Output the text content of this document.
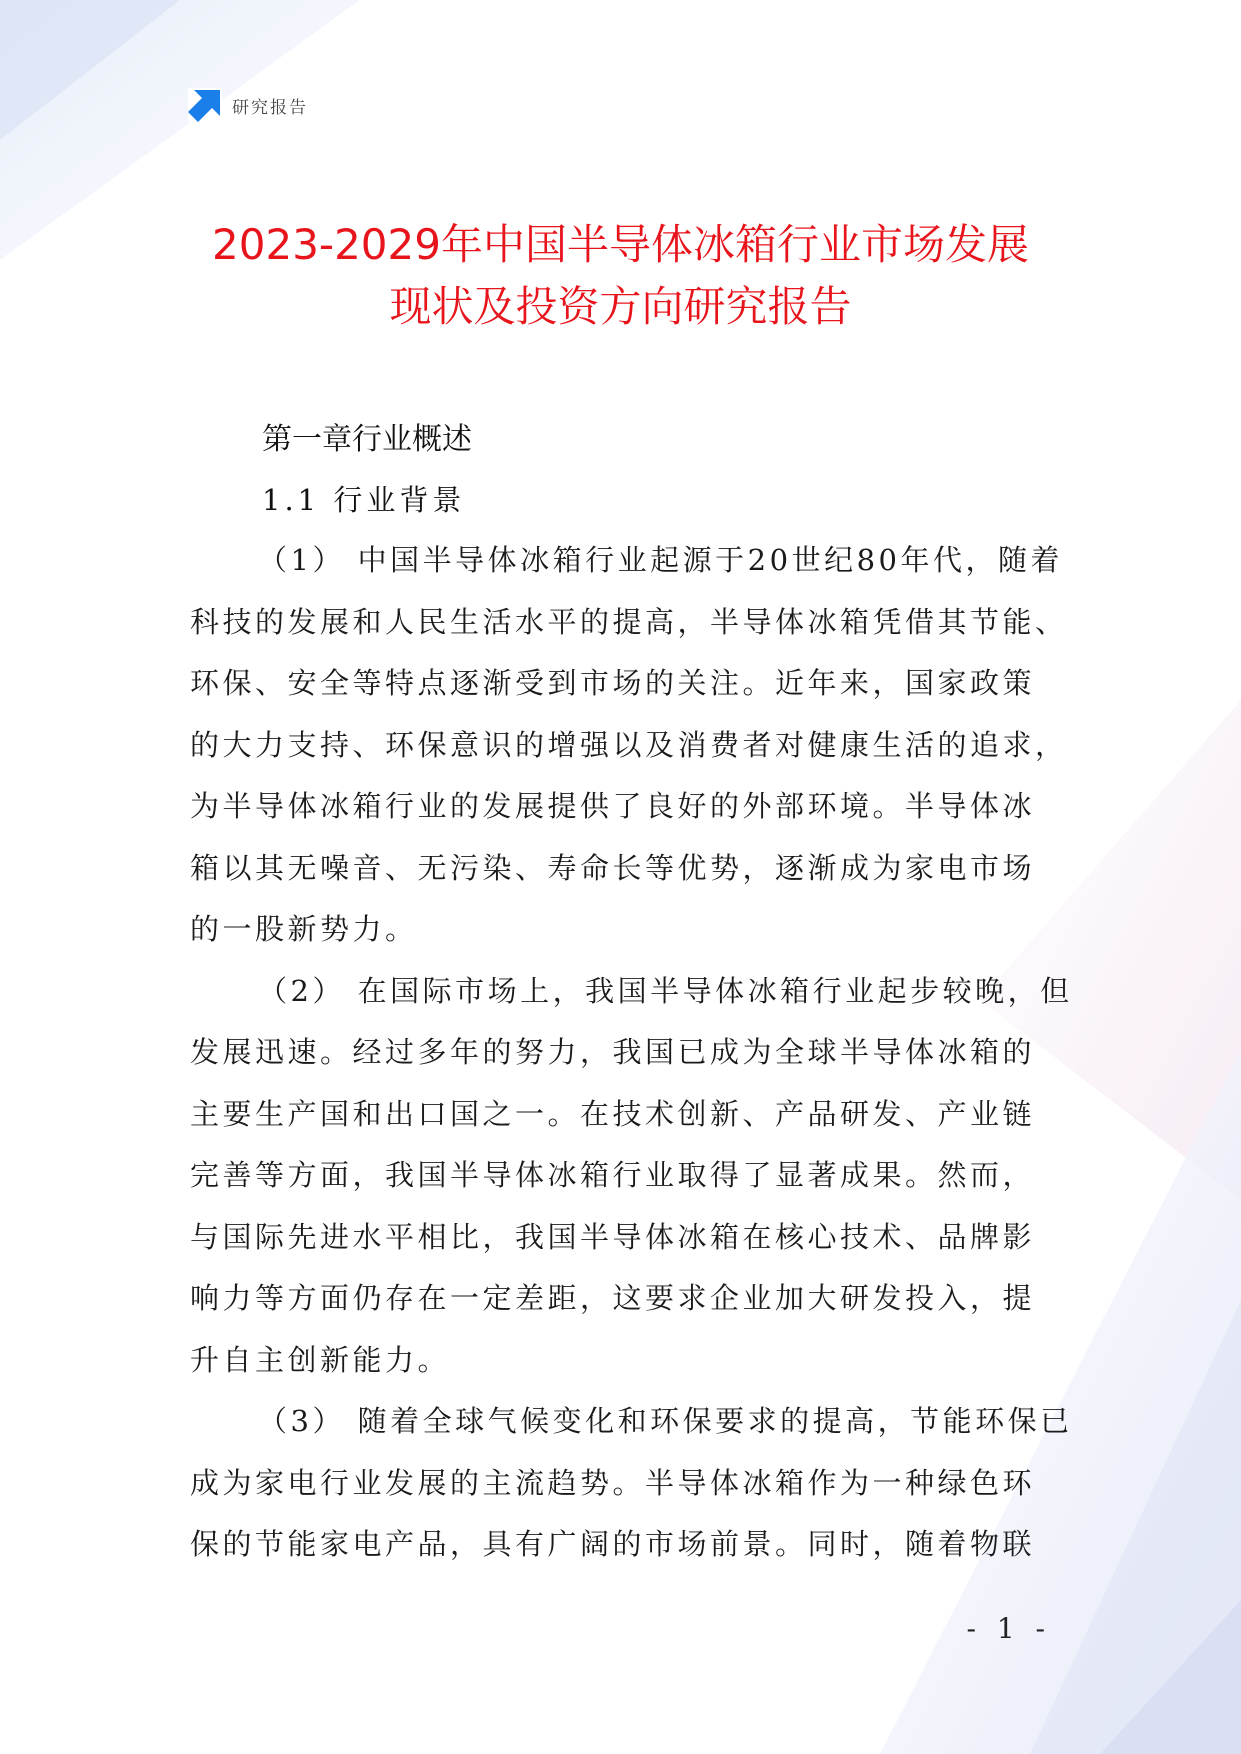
研究报告
2023-2029年中国半导体冰箱行业市场发展
现状及投资方向研究报告
第一章行业概述
1.1 行业背景

（1） 中国半导体冰箱行业起源于20世纪80年代，随着
科技的发展和人民生活水平的提高，半导体冰箱凭借其节能、
环保、安全等特点逐渐受到市场的关注。近年来，国家政策
的大力支持、环保意识的增强以及消费者对健康生活的追求，
为半导体冰箱行业的发展提供了良好的外部环境。半导体冰
箱以其无噪音、无污染、寿命长等优势，逐渐成为家电市场
的一股新势力。

（2） 在国际市场上，我国半导体冰箱行业起步较晚，但
发展迅速。经过多年的努力，我国已成为全球半导体冰箱的
主要生产国和出口国之一。在技术创新、产品研发、产业链
完善等方面，我国半导体冰箱行业取得了显著成果。然而，
与国际先进水平相比，我国半导体冰箱在核心技术、品牌影
响力等方面仍存在一定差距，这要求企业加大研发投入，提
升自主创新能力。

（3） 随着全球气候变化和环保要求的提高，节能环保已
成为家电行业发展的主流趋势。半导体冰箱作为一种绿色环
保的节能家电产品，具有广阔的市场前景。同时，随着物联

- 1 -
